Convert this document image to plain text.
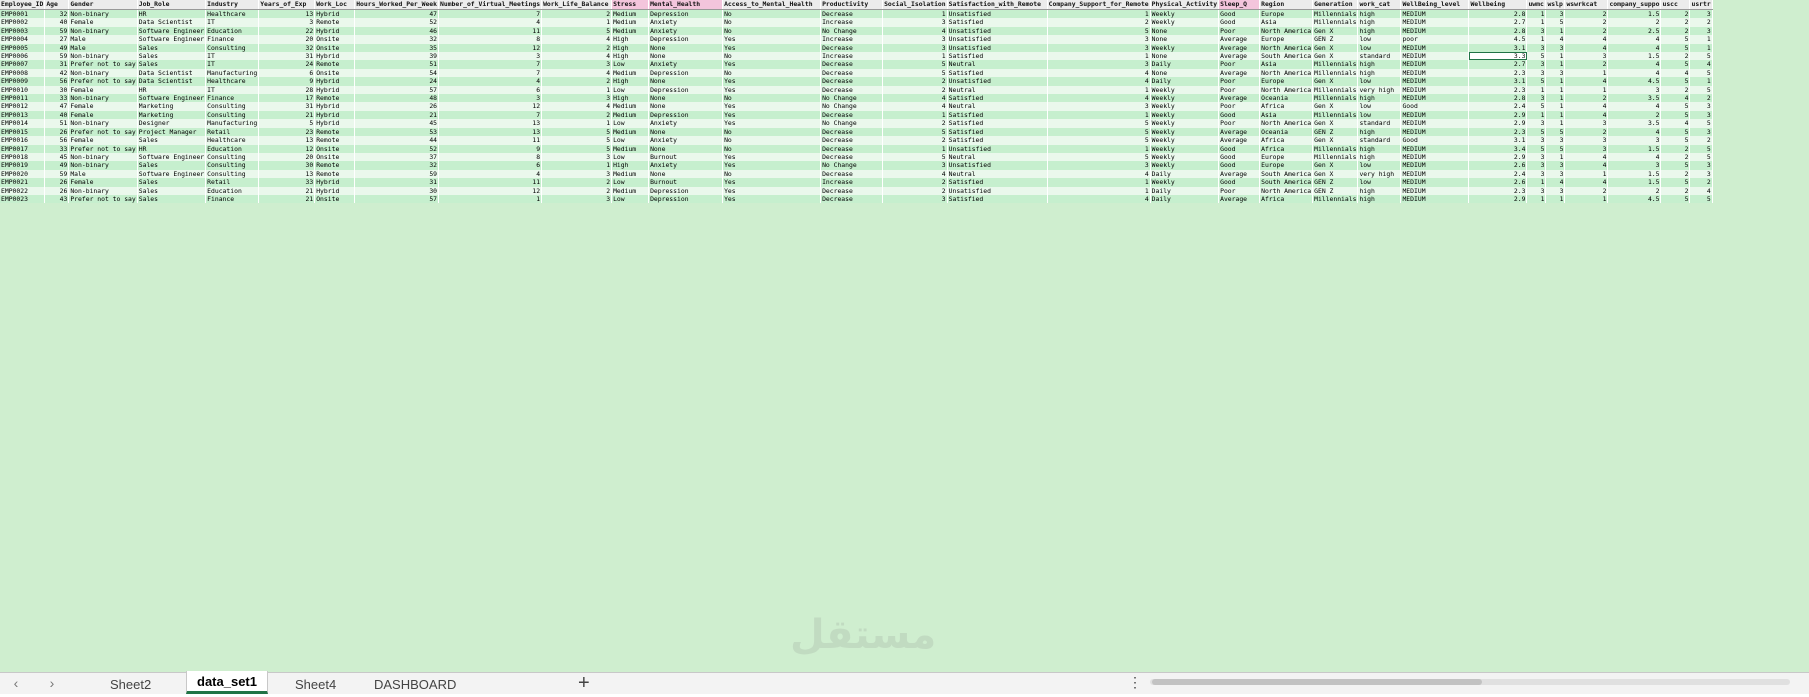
Employee_ID	Age	Gender	Job_Role	Industry	Years_of_Exp	Work_Loc	Hours_Worked_Per_Week	Number_of_Virtual_Meetings	Work_Life_Balance	Stress	Mental_Health	Access_to_Mental_Health	Productivity	Social_Isolation	Satisfaction_with_Remote	Company_Support_for_Remote	Physical_Activity	Sleep_Q	Region	Generation	work_cat	WellBeing_level	Wellbeing	uwmc	wslp	wswrkcat	company_suppo	uscc	usrtr
EMP0001	32	Non-binary	HR	Healthcare	13	Hybrid	47	7	2	Medium	Depression	No	Decrease	1	Unsatisfied	1	Weekly	Good	Europe	Millennials	high	MEDIUM	2.8	1	3	2	1.5	2	3
EMP0002	40	Female	Data Scientist	IT	3	Remote	52	4	1	Medium	Anxiety	No	Increase	3	Satisfied	2	Weekly	Good	Asia	Millennials	high	MEDIUM	2.7	1	5	2	2	2	2
EMP0003	59	Non-binary	Software Engineer	Education	22	Hybrid	46	11	5	Medium	Anxiety	No	No Change	4	Unsatisfied	5	None	Poor	North America	Gen X	high	MEDIUM	2.8	3	1	2	2.5	2	3
EMP0004	27	Male	Software Engineer	Finance	20	Onsite	32	8	4	High	Depression	Yes	Increase	3	Unsatisfied	3	None	Average	Europe	GEN Z	low	poor	4.5	1	4	4	4	5	1
EMP0005	49	Male	Sales	Consulting	32	Onsite	35	12	2	High	None	Yes	Decrease	3	Unsatisfied	3	Weekly	Average	North America	Gen X	low	MEDIUM	3.1	3	3	4	4	5	1
EMP0006	59	Non-binary	Sales	IT	31	Hybrid	39	3	4	High	None	No	Increase	1	Satisfied	1	None	Average	South America	Gen X	standard	MEDIUM	3.3	5	1	3	1.5	2	5
EMP0007	31	Prefer not to say	Sales	IT	24	Remote	51	7	3	Low	Anxiety	Yes	Decrease	5	Neutral	3	Daily	Poor	Asia	Millennials	high	MEDIUM	2.7	3	1	2	4	5	4
EMP0008	42	Non-binary	Data Scientist	Manufacturing	6	Onsite	54	7	4	Medium	Depression	No	Decrease	5	Satisfied	4	None	Average	North America	Millennials	high	MEDIUM	2.3	3	3	1	4	4	5
EMP0009	56	Prefer not to say	Data Scientist	Healthcare	9	Hybrid	24	4	2	High	None	Yes	Decrease	2	Unsatisfied	4	Daily	Poor	Europe	Gen X	low	MEDIUM	3.1	5	1	4	4.5	5	1
EMP0010	30	Female	HR	IT	28	Hybrid	57	6	1	Low	Depression	Yes	Decrease	2	Neutral	1	Weekly	Poor	North America	Millennials	very high	MEDIUM	2.3	1	1	1	3	2	5
EMP0011	33	Non-binary	Software Engineer	Finance	17	Remote	48	3	3	High	None	No	No Change	4	Satisfied	4	Weekly	Average	Oceania	Millennials	high	MEDIUM	2.8	3	1	2	3.5	4	2
EMP0012	47	Female	Marketing	Consulting	31	Hybrid	26	12	4	Medium	None	Yes	No Change	4	Neutral	3	Weekly	Poor	Africa	Gen X	low	Good	2.4	5	1	4	4	5	3
EMP0013	40	Female	Marketing	Consulting	21	Hybrid	21	7	2	Medium	Depression	Yes	Decrease	1	Satisfied	1	Weekly	Good	Asia	Millennials	low	MEDIUM	2.9	1	1	4	2	5	3
EMP0014	51	Non-binary	Designer	Manufacturing	5	Hybrid	45	13	1	Low	Anxiety	Yes	No Change	2	Satisfied	5	Weekly	Poor	North America	Gen X	standard	MEDIUM	2.9	3	1	3	3.5	4	5
EMP0015	26	Prefer not to say	Project Manager	Retail	23	Remote	53	13	5	Medium	None	No	Decrease	5	Satisfied	5	Weekly	Average	Oceania	GEN Z	high	MEDIUM	2.3	5	5	2	4	5	3
EMP0016	56	Female	Sales	Healthcare	13	Remote	44	11	5	Low	Anxiety	No	Decrease	2	Satisfied	5	Weekly	Average	Africa	Gen X	standard	Good	3.1	3	3	3	3	5	2
EMP0017	33	Prefer not to say	HR	Education	12	Onsite	52	9	5	Medium	None	No	Decrease	1	Unsatisfied	1	Weekly	Good	Africa	Millennials	high	MEDIUM	3.4	5	5	3	1.5	2	5
EMP0018	45	Non-binary	Software Engineer	Consulting	20	Onsite	37	8	3	Low	Burnout	Yes	Decrease	5	Neutral	5	Weekly	Good	Europe	Millennials	high	MEDIUM	2.9	3	1	4	4	2	5
EMP0019	49	Non-binary	Sales	Consulting	30	Remote	32	6	1	High	Anxiety	Yes	No Change	3	Unsatisfied	3	Weekly	Good	Europe	Gen X	low	MEDIUM	2.6	3	3	4	3	5	3
EMP0020	59	Male	Software Engineer	Consulting	13	Remote	59	4	3	Medium	None	No	Decrease	4	Neutral	4	Daily	Average	South America	Gen X	very high	MEDIUM	2.4	3	3	1	1.5	2	3
EMP0021	26	Female	Sales	Retail	33	Hybrid	31	11	2	Low	Burnout	Yes	Increase	2	Satisfied	1	Weekly	Good	South America	GEN Z	low	MEDIUM	2.6	1	4	4	1.5	5	2
EMP0022	26	Non-binary	Sales	Education	21	Hybrid	30	12	2	Medium	Depression	Yes	Decrease	2	Unsatisfied	1	Daily	Poor	North America	GEN Z	high	MEDIUM	2.3	3	3	2	2	2	4
EMP0023	43	Prefer not to say	Sales	Finance	21	Onsite	57	1	3	Low	Depression	Yes	Decrease	3	Satisfied	4	Daily	Average	Africa	Millennials	high	MEDIUM	2.9	1	1	1	4.5	5	5
‹	›	Sheet2	data_set1	Sheet4	DASHBOARD	+	⋮
مستقل
